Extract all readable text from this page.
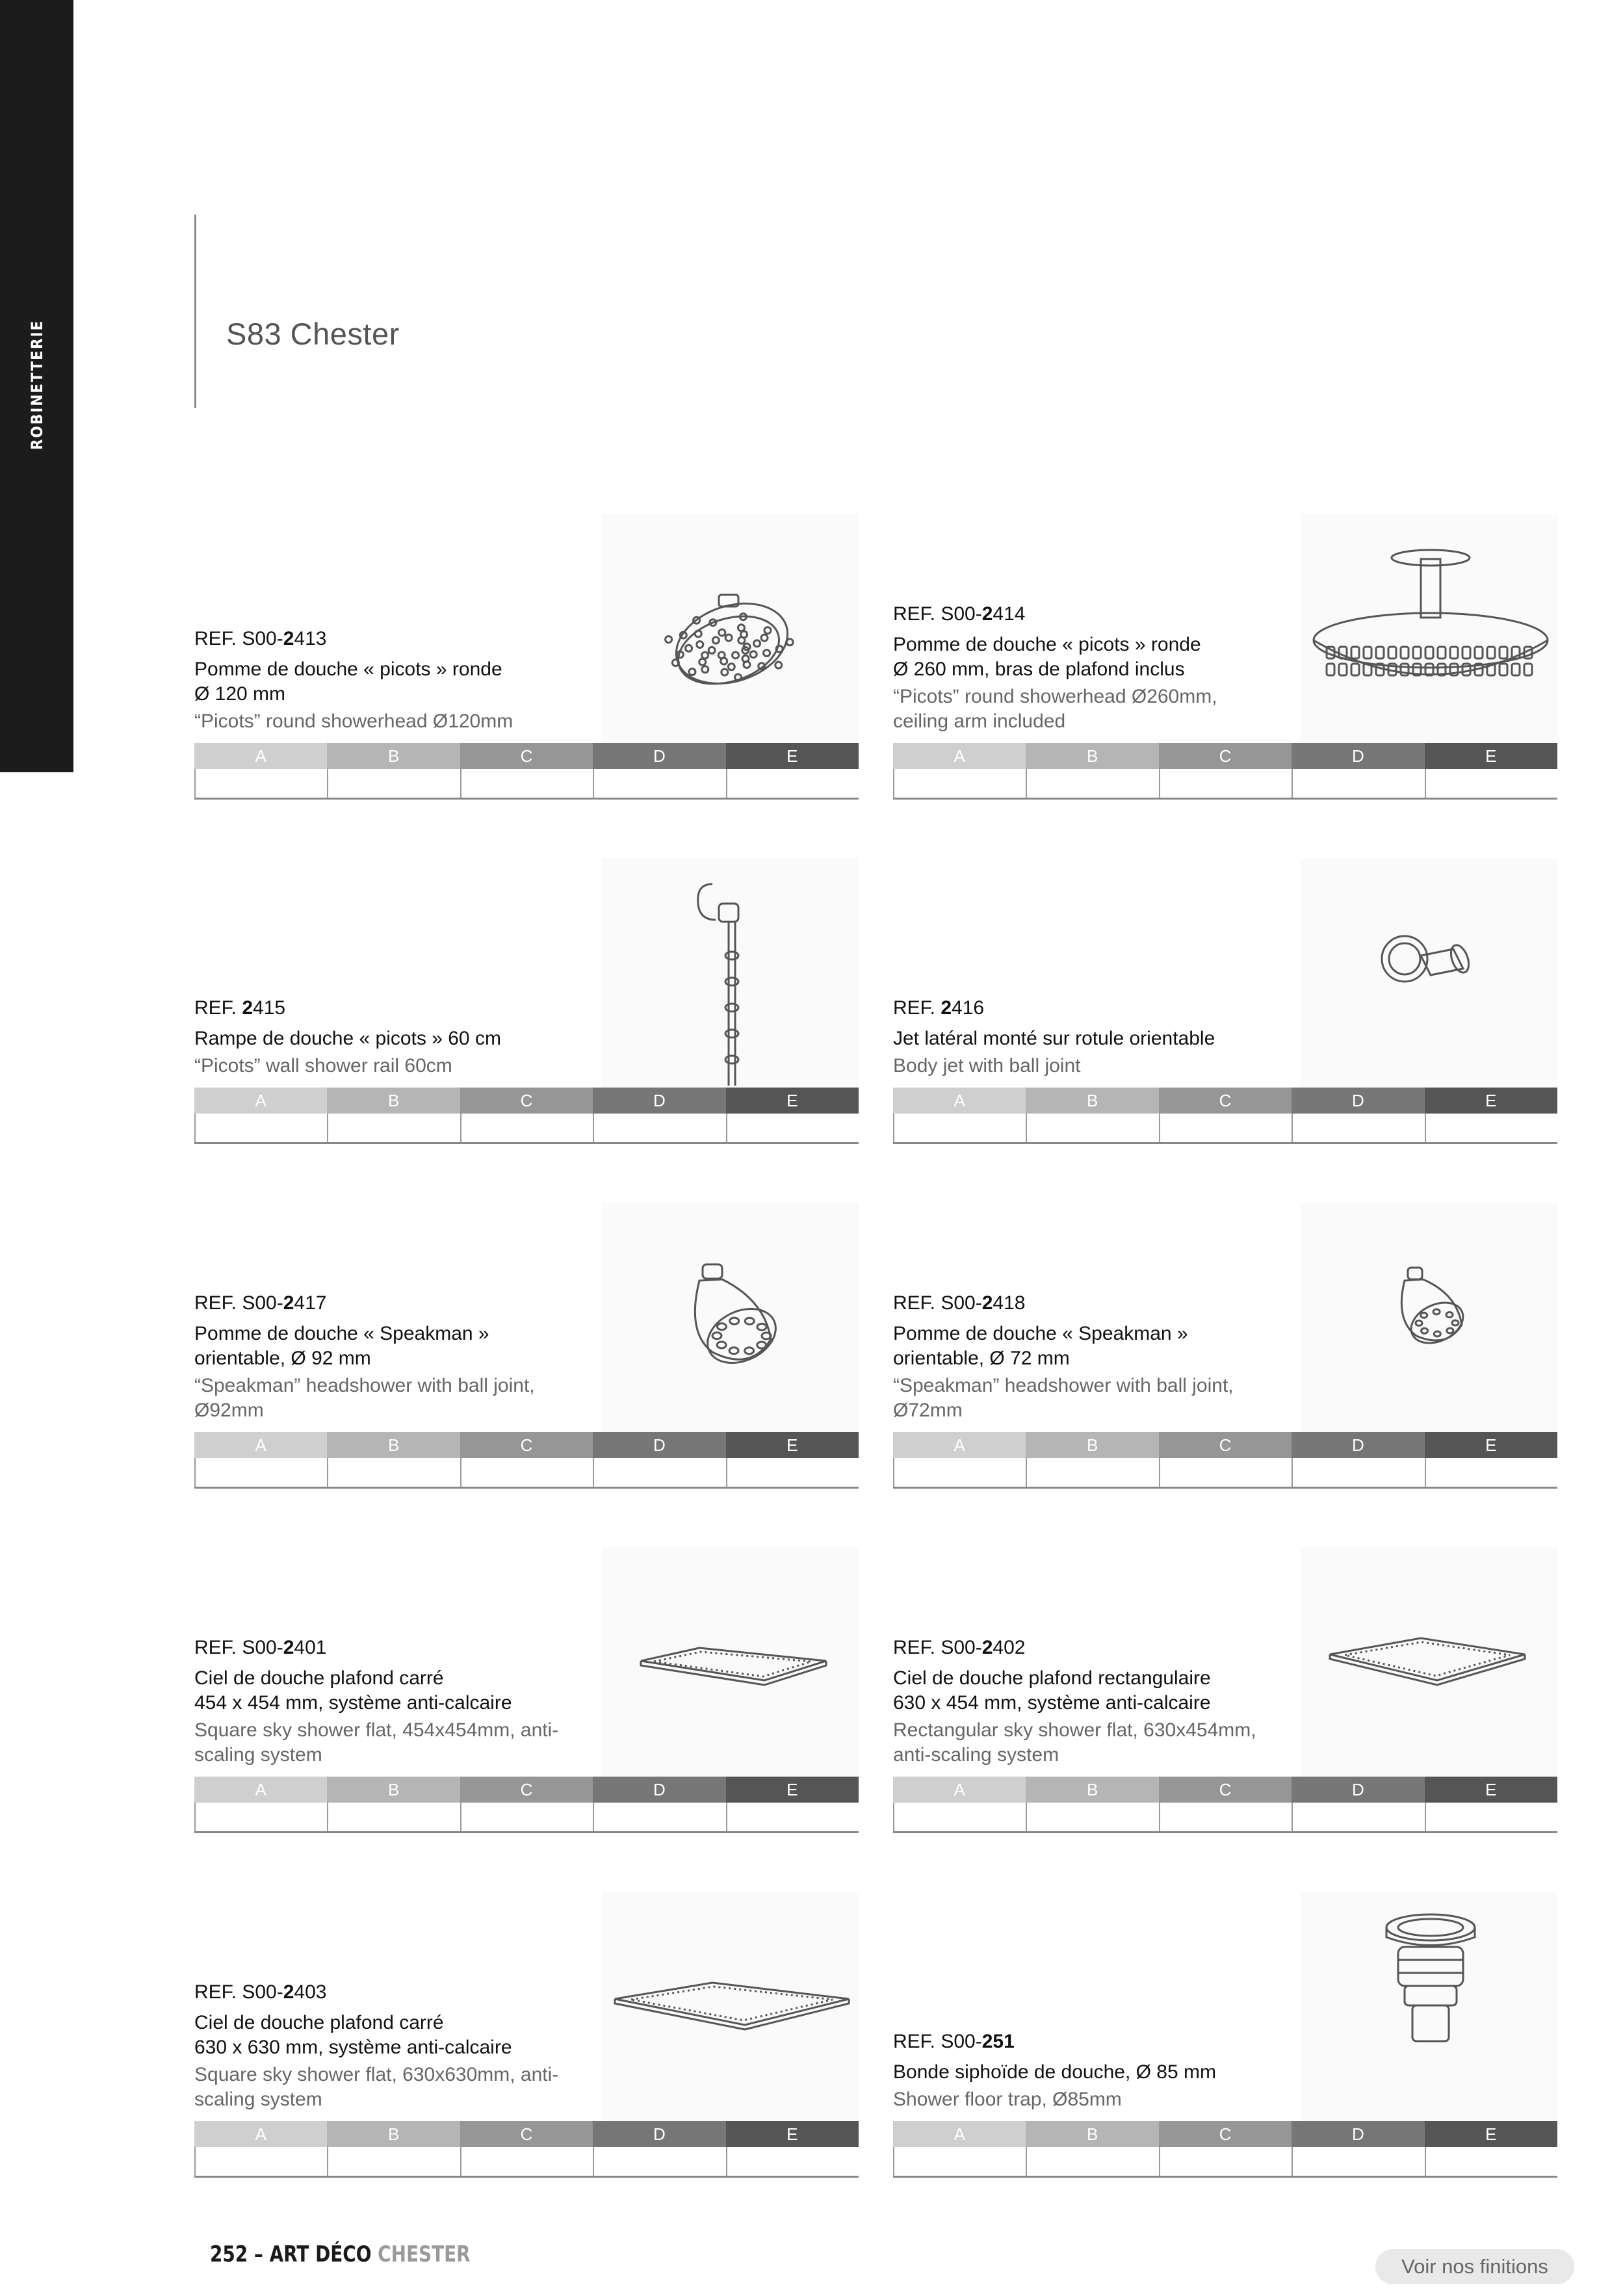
ROBINETTERIE	S83 Chester

REF. S00-2413

Pomme de douche « picots » ronde
Ø 120 mm

“Picots” round showerhead Ø120mm

A	B	C	D	E

REF. S00-2414

Pomme de douche « picots » ronde
Ø 260 mm, bras de plafond inclus

“Picots” round showerhead Ø260mm,
ceiling arm included

A	B	C	D	E

REF. 2415

Rampe de douche « picots » 60 cm

“Picots” wall shower rail 60cm

A	B	C	D	E

REF. 2416

Jet latéral monté sur rotule orientable

Body jet with ball joint

A	B	C	D	E

REF. S00-2417

Pomme de douche « Speakman »
orientable, Ø 92 mm

“Speakman” headshower with ball joint,
Ø92mm

A	B	C	D	E

REF. S00-2418

Pomme de douche « Speakman »
orientable, Ø 72 mm

“Speakman” headshower with ball joint,
Ø72mm

A	B	C	D	E

REF. S00-2401

Ciel de douche plafond carré
454 x 454 mm, système anti-calcaire

Square sky shower flat, 454x454mm, anti-
scaling system

A	B	C	D	E

REF. S00-2402

Ciel de douche plafond rectangulaire
630 x 454 mm, système anti-calcaire

Rectangular sky shower flat, 630x454mm,
anti-scaling system

A	B	C	D	E

REF. S00-2403

Ciel de douche plafond carré
630 x 630 mm, système anti-calcaire

Square sky shower flat, 630x630mm, anti-
scaling system

A	B	C	D	E

REF. S00-251

Bonde siphoïde de douche, Ø 85 mm

Shower floor trap, Ø85mm

A	B	C	D	E
252 – ART DÉCO CHESTER	Voir nos finitions
